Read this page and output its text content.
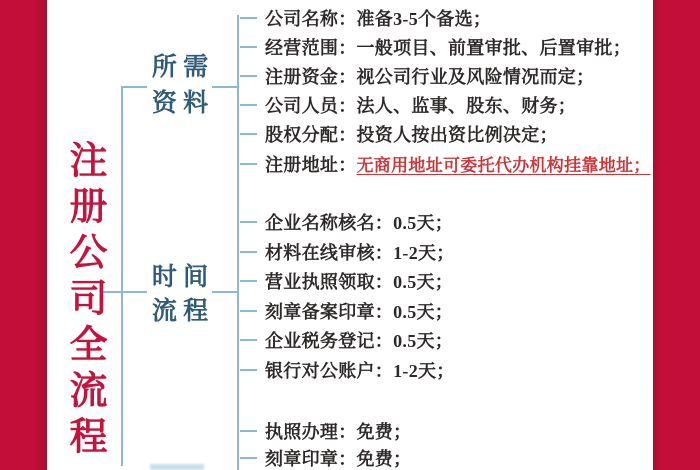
注册公司全流程
所 需
资 料
时 间
流 程
公司名称：准备3-5个备选；
经营范围：一般项目、前置审批、后置审批；
注册资金：视公司行业及风险情况而定；
公司人员：法人、监事、股东、财务；
股权分配：投资人按出资比例决定；
注册地址： 无商用地址可委托代办机构挂靠地址；
企业名称核名：0.5天；
材料在线审核：1-2天；
营业执照领取：0.5天；
刻章备案印章：0.5天；
企业税务登记：0.5天；
银行对公账户：1-2天；
执照办理：免费；
刻章印章：免费；
